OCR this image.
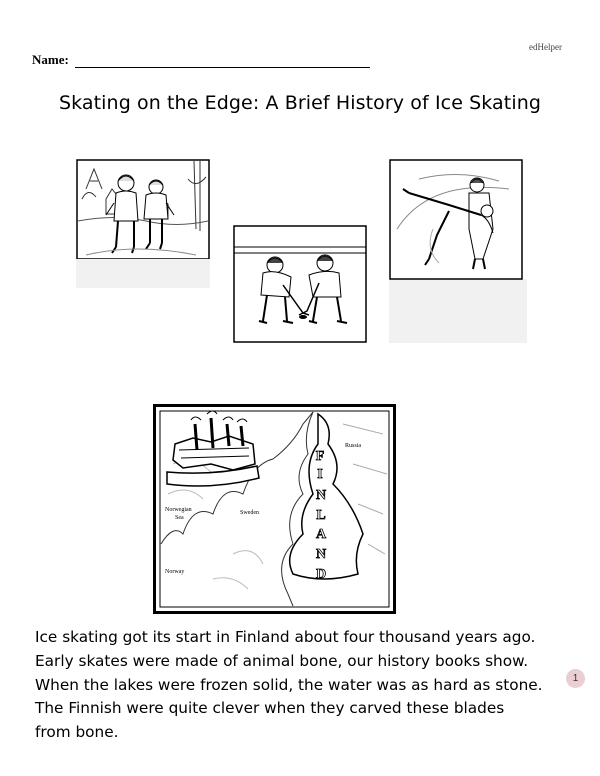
edHelper
Name:
Skating on the Edge: A Brief History of Ice Skating
Russia
Sweden
Norwegian
Sea
Norway
F
I
N
L
A
N
D
Ice skating got its start in Finland about four thousand years ago.
Early skates were made of animal bone, our history books show.
When the lakes were frozen solid, the water was as hard as stone.
The Finnish were quite clever when they carved these blades
from bone.
1
